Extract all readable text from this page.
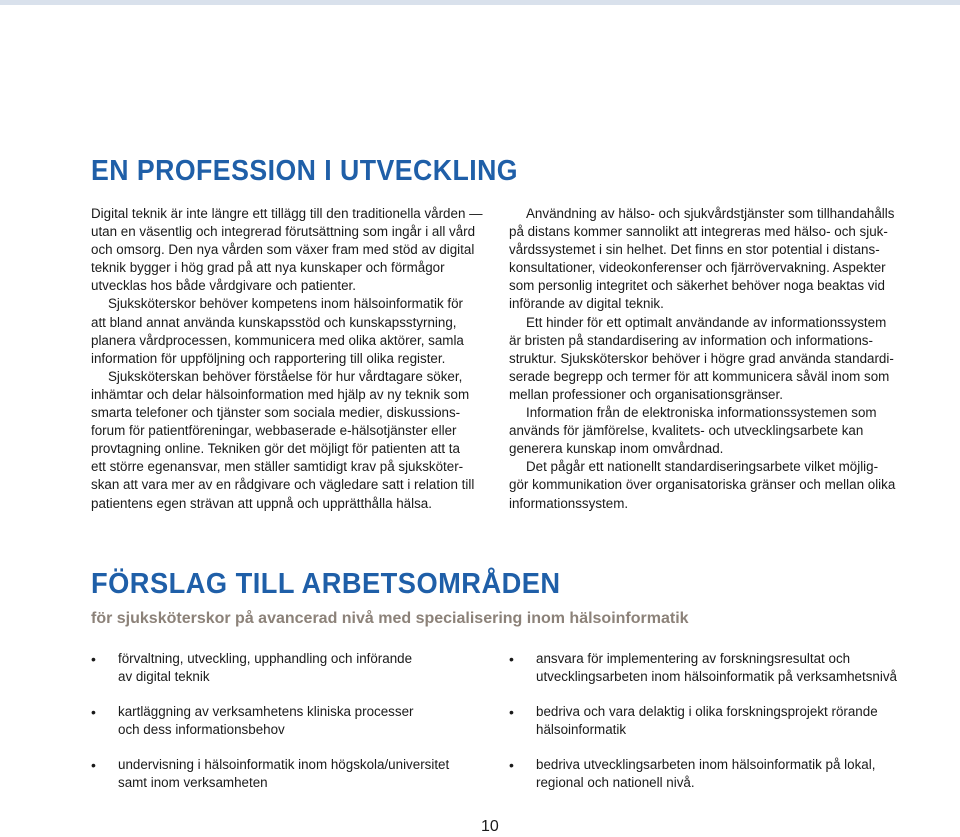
EN PROFESSION I UTVECKLING

Digital teknik är inte längre ett tillägg till den traditionella vården —
utan en väsentlig och integrerad förutsättning som ingår i all vård
och omsorg. Den nya vården som växer fram med stöd av digital
teknik bygger i hög grad på att nya kunskaper och förmågor
utvecklas hos både vårdgivare och patienter.

Sjuksköterskor behöver kompetens inom hälsoinformatik för
att bland annat använda kunskapsstöd och kunskapsstyrning,
planera vårdprocessen, kommunicera med olika aktörer, samla
information för uppföljning och rapportering till olika register.

Sjuksköterskan behöver förståelse för hur vårdtagare söker,
inhämtar och delar hälsoinformation med hjälp av ny teknik som
smarta telefoner och tjänster som sociala medier, diskussions-
forum för patientföreningar, webbaserade e-hälsotjänster eller
provtagning online. Tekniken gör det möjligt för patienten att ta
ett större egenansvar, men ställer samtidigt krav på sjuksköter-
skan att vara mer av en rådgivare och vägledare satt i relation till
patientens egen strävan att uppnå och upprätthålla hälsa.

Användning av hälso- och sjukvårdstjänster som tillhandahålls
på distans kommer sannolikt att integreras med hälso- och sjuk-
vårdssystemet i sin helhet. Det finns en stor potential i distans-
konsultationer, videokonferenser och fjärrövervakning. Aspekter
som personlig integritet och säkerhet behöver noga beaktas vid
införande av digital teknik.

Ett hinder för ett optimalt användande av informationssystem
är bristen på standardisering av information och informations-
struktur. Sjuksköterskor behöver i högre grad använda standardi-
serade begrepp och termer för att kommunicera såväl inom som
mellan professioner och organisationsgränser.

Information från de elektroniska informationssystemen som
används för jämförelse, kvalitets- och utvecklingsarbete kan
generera kunskap inom omvårdnad.

Det pågår ett nationellt standardiseringsarbete vilket möjlig-
gör kommunikation över organisatoriska gränser och mellan olika
informationssystem.

FÖRSLAG TILL ARBETSOMRÅDEN

för sjuksköterskor på avancerad nivå med specialisering inom hälsoinformatik

• förvaltning, utveckling, upphandling och införande
av digital teknik
• kartläggning av verksamhetens kliniska processer
och dess informationsbehov
• undervisning i hälsoinformatik inom högskola/universitet
samt inom verksamheten
• ansvara för implementering av forskningsresultat och
utvecklingsarbeten inom hälsoinformatik på verksamhetsnivå
• bedriva och vara delaktig i olika forskningsprojekt rörande
hälsoinformatik
• bedriva utvecklingsarbeten inom hälsoinformatik på lokal,
regional och nationell nivå.
10
